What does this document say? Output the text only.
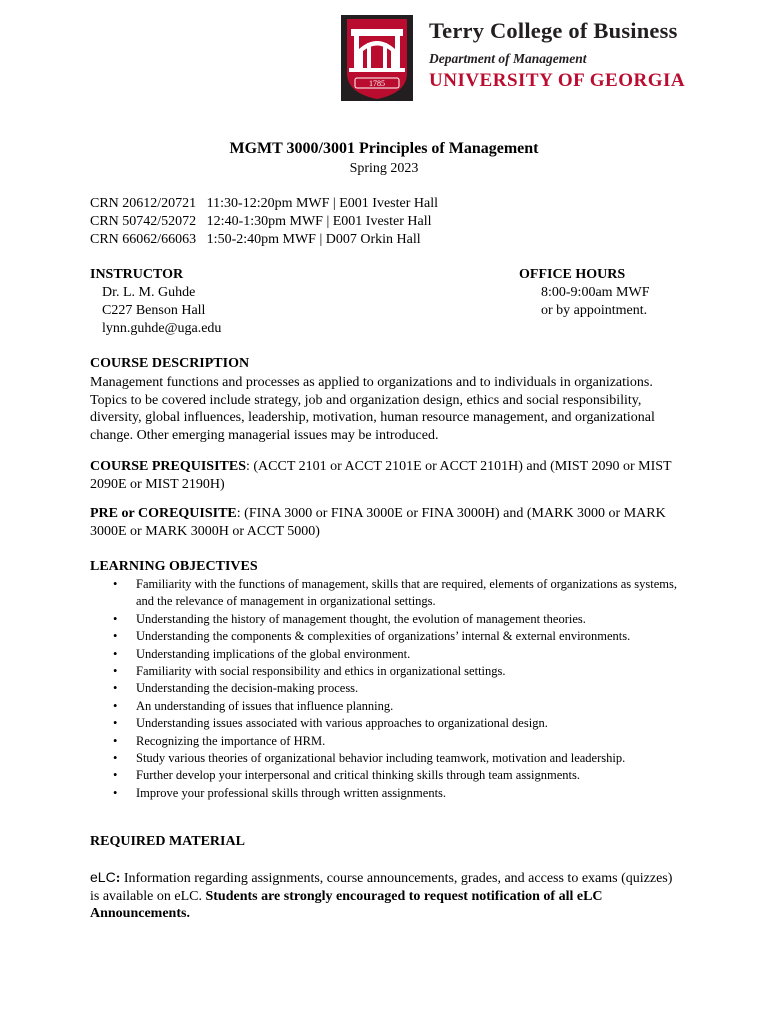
1785
Terry College of Business
Department of Management
UNIVERSITY OF GEORGIA
MGMT 3000/3001 Principles of Management
Spring 2023
CRN 20612/20721   11:30-12:20pm MWF | E001 Ivester Hall
CRN 50742/52072   12:40-1:30pm MWF | E001 Ivester Hall
CRN 66062/66063   1:50-2:40pm MWF | D007 Orkin Hall
INSTRUCTOR
Dr. L. M. Guhde
C227 Benson Hall
lynn.guhde@uga.edu
OFFICE HOURS
8:00-9:00am MWF
or by appointment.
COURSE DESCRIPTION
Management functions and processes as applied to organizations and to individuals in organizations. Topics to be covered include strategy, job and organization design, ethics and social responsibility, diversity, global influences, leadership, motivation, human resource management, and organizational change. Other emerging managerial issues may be introduced.
COURSE PREQUISITES: (ACCT 2101 or ACCT 2101E or ACCT 2101H) and (MIST 2090 or MIST 2090E or MIST 2190H)
PRE or COREQUISITE: (FINA 3000 or FINA 3000E or FINA 3000H) and (MARK 3000 or MARK 3000E or MARK 3000H or ACCT 5000)
LEARNING OBJECTIVES
• Familiarity with the functions of management, skills that are required, elements of organizations as systems, and the relevance of management in organizational settings.
• Understanding the history of management thought, the evolution of management theories.
• Understanding the components & complexities of organizations’ internal & external environments.
• Understanding implications of the global environment.
• Familiarity with social responsibility and ethics in organizational settings.
• Understanding the decision-making process.
• An understanding of issues that influence planning.
• Understanding issues associated with various approaches to organizational design.
• Recognizing the importance of HRM.
• Study various theories of organizational behavior including teamwork, motivation and leadership.
• Further develop your interpersonal and critical thinking skills through team assignments.
• Improve your professional skills through written assignments.
REQUIRED MATERIAL
eLC: Information regarding assignments, course announcements, grades, and access to exams (quizzes) is available on eLC. Students are strongly encouraged to request notification of all eLC Announcements.
